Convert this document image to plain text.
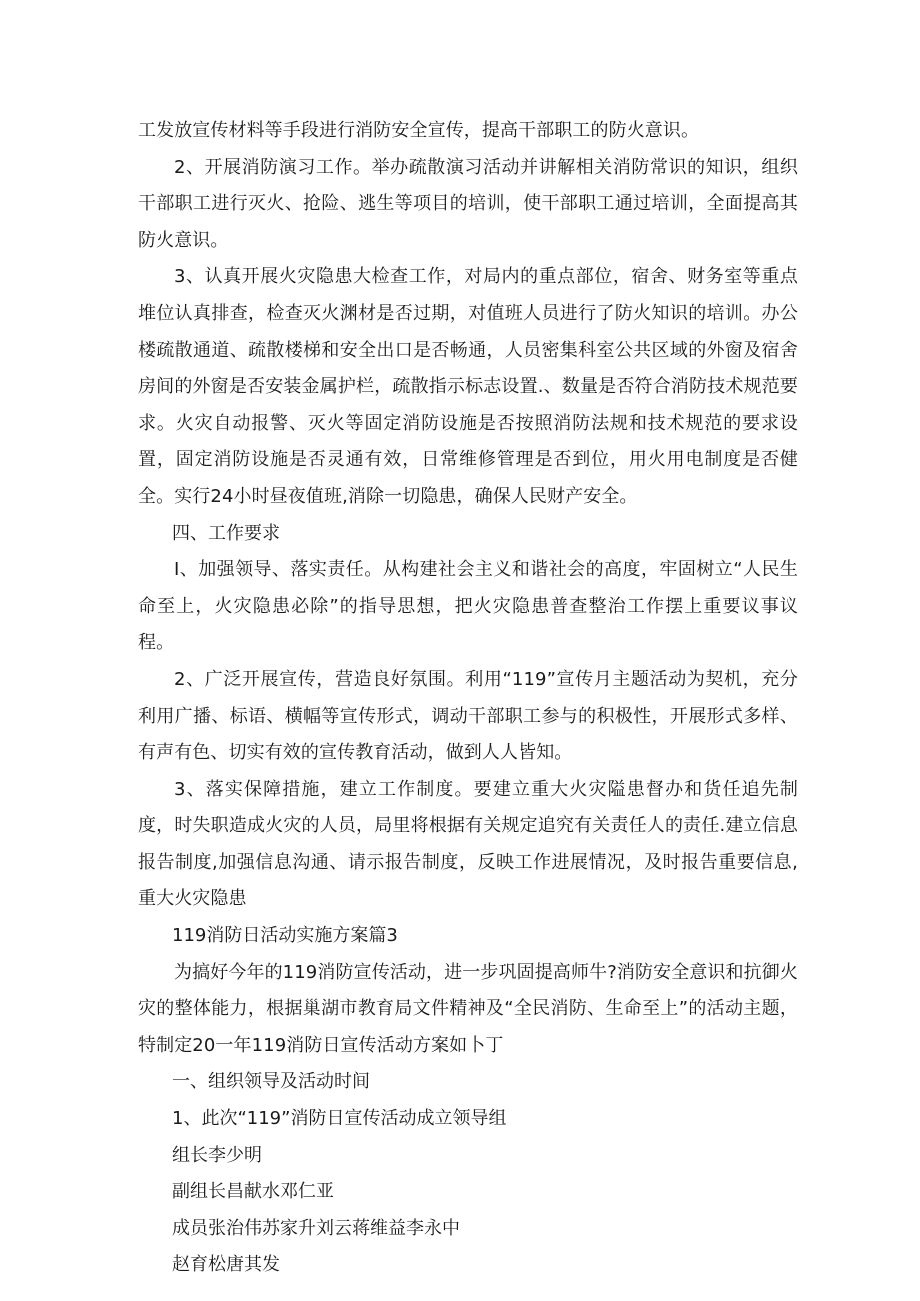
工发放宣传材料等手段进行消防安全宣传，提高干部职工的防火意识。

2、开展消防演习工作。举办疏散演习活动并讲解相关消防常识的知识，组织干部职工进行灭火、抢险、逃生等项目的培训，使干部职工通过培训，全面提高其防火意识。

3、认真开展火灾隐患大检查工作，对局内的重点部位，宿舍、财务室等重点堆位认真排查，检查灭火渊材是否过期，对值班人员进行了防火知识的培训。办公楼疏散通道、疏散楼梯和安全出口是否畅通，人员密集科室公共区域的外窗及宿舍房间的外窗是否安装金属护栏，疏散指示标志设置.、数量是否符合消防技术规范要求。火灾自动报警、灭火等固定消防设施是否按照消防法规和技术规范的要求设置，固定消防设施是否灵通有效，日常维修管理是否到位，用火用电制度是否健全。实行24小时昼夜值班,消除一切隐患，确保人民财产安全。

四、工作要求

I、加强领导、落实责任。从构建社会主义和谐社会的高度，牢固树立“人民生命至上，火灾隐患必除”的指导思想，把火灾隐患普查整治工作摆上重要议事议程。

2、广泛开展宣传，营造良好氛围。利用“119”宣传月主题活动为契机，充分利用广播、标语、横幅等宣传形式，调动干部职工参与的积极性，开展形式多样、有声有色、切实有效的宣传教育活动，做到人人皆知。

3、落实保障措施，建立工作制度。要建立重大火灾隘患督办和货任追先制度，时失职造成火灾的人员，局里将根据有关规定追究有关责任人的责任.建立信息报告制度,加强信息沟通、请示报告制度，反映工作进展情况，及时报告重要信息,重大火灾隐患

119消防日活动实施方案篇3

为搞好今年的119消防宣传活动，进一步巩固提高师牛?消防安全意识和抗御火灾的整体能力，根据巢湖市教育局文件精神及“全民消防、生命至上”的活动主题，特制定20一年119消防日宣传活动方案如卜丁

一、组织领导及活动时间

1、此次“119”消防日宣传活动成立领导组

组长李少明

副组长昌献水邓仁亚

成员张治伟苏家升刘云蒋维益李永中

赵育松唐其发
